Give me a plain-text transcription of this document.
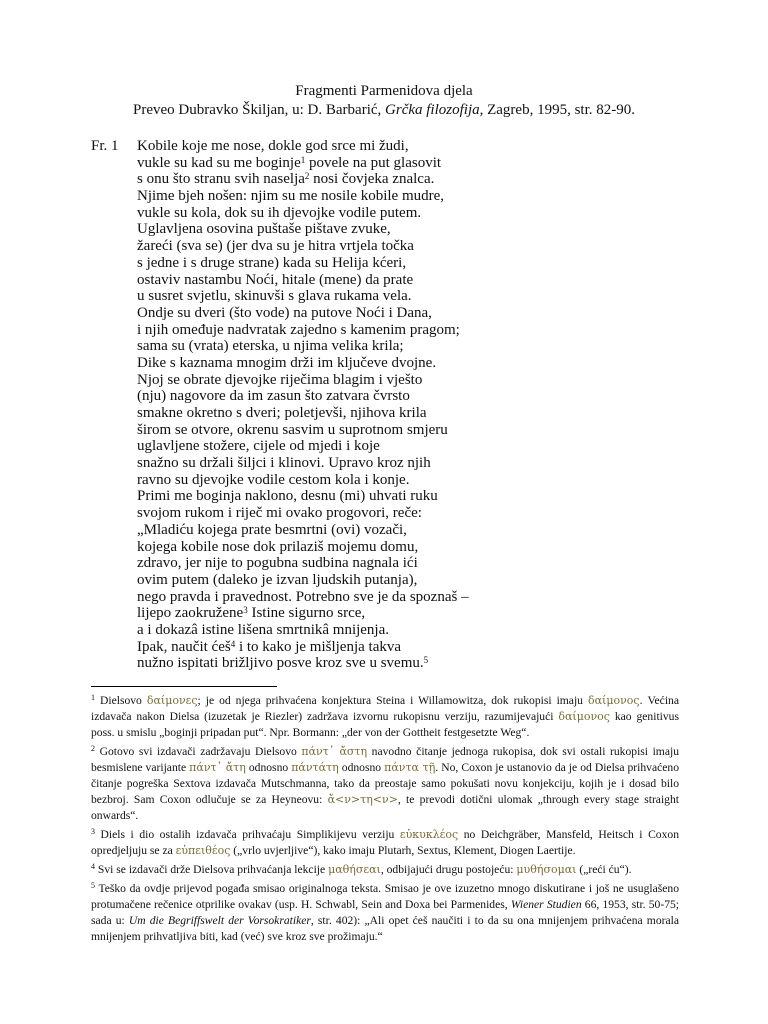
Fragmenti Parmenidova djela
Preveo Dubravko Škiljan, u: D. Barbarić, Grčka filozofija, Zagreb, 1995, str. 82-90.
Fr. 1 Kobile koje me nose, dokle god srce mi žudi,
vukle su kad su me boginje$^1$ povele na put glasovit
s onu što stranu svih naselja$^2$ nosi čovjeka znalca.
Njime bjeh nošen: njim su me nosile kobile mudre,
vukle su kola, dok su ih djevojke vodile putem.
Uglavljena osovina puštaše pištave zvuke,
žareći (sva se) (jer dva su je hitra vrtjela točka
s jedne i s druge strane) kada su Helija kćeri,
ostaviv nastambu Noći, hitale (mene) da prate
u susret svjetlu, skinuvši s glava rukama vela.
Ondje su dveri (što vode) na putove Noći i Dana,
i njih omeđuje nadvratak zajedno s kamenim pragom;
sama su (vrata) eterska, u njima velika krila;
Dike s kaznama mnogim drži im ključeve dvojne.
Njoj se obrate djevojke riječima blagim i vješto
(nju) nagovore da im zasun što zatvara čvrsto
smakne okretno s dveri; poletjevši, njihova krila
širom se otvore, okrenu sasvim u suprotnom smjeru
uglavljene stožere, cijele od mjedi i koje
snažno su držali šiljci i klinovi. Upravo kroz njih
ravno su djevojke vodile cestom kola i konje.
Primi me boginja naklono, desnu (mi) uhvati ruku
svojom rukom i riječ mi ovako progovori, reče:
„Mladiću kojega prate besmrtni (ovi) vozači,
kojega kobile nose dok prilaziš mojemu domu,
zdravo, jer nije to pogubna sudbina nagnala ići
ovim putem (daleko je izvan ljudskih putanja),
nego pravda i pravednost. Potrebno sve je da spoznaš –
lijepo zaokružene$^3$ Istine sigurno srce,
a i dokazâ istine lišena smrtnikâ mnijenja.
Ipak, naučit ćeš$^4$ i to kako je mišljenja takva
nužno ispitati brižljivo posve kroz sve u svemu.$^5$

$^1$ Dielsovo δαίμονες; je od njega prihvaćena konjektura Steina i Willamowitza, dok rukopisi imaju δαίμονος. Većina izdavača nakon Dielsa (izuzetak je Riezler) zadržava izvornu rukopisnu verziju, razumijevajući δαίμονος kao genitivus poss. u smislu „boginji pripadan put“. Npr. Bormann: „der von der Gottheit festgesetzte Weg“.

$^2$ Gotovo svi izdavači zadržavaju Dielsovo πάντ᾽ ἄστη navodno čitanje jednoga rukopisa, dok svi ostali rukopisi imaju besmislene varijante πάντ᾽ ἄτη odnosno πάντάτη odnosno πάντα τῇ. No, Coxon je ustanovio da je od Dielsa prihvaćeno čitanje pogreška Sextova izdavača Mutschmanna, tako da preostaje samo pokušati novu konjekciju, kojih je i dosad bilo bezbroj. Sam Coxon odlučuje se za Heyneovu: ἄ<ν>τη<ν>, te prevodi dotični ulomak „through every stage straight onwards“.

$^3$ Diels i dio ostalih izdavača prihvaćaju Simplikijevu verziju εὐκυκλέος no Deichgräber, Mansfeld, Heitsch i Coxon opredjeljuju se za εὐπειθέος („vrlo uvjerljive“), kako imaju Plutarh, Sextus, Klement, Diogen Laertije.

$^4$ Svi se izdavači drže Dielsova prihvaćanja lekcije μαθήσεαι, odbijajući drugu postojeću: μυθήσομαι („reći ću“).

$^5$ Teško da ovdje prijevod pogađa smisao originalnoga teksta. Smisao je ove izuzetno mnogo diskutirane i još ne usuglašeno protumačene rečenice otprilike ovakav (usp. H. Schwabl, Sein and Doxa bei Parmenides, Wiener Studien 66, 1953, str. 50-75; sada u: Um die Begriffswelt der Vorsokratiker, str. 402): „Ali opet ćeš naučiti i to da su ona mnijenjem prihvaćena morala mnijenjem prihvatljiva biti, kad (već) sve kroz sve prožimaju.“
